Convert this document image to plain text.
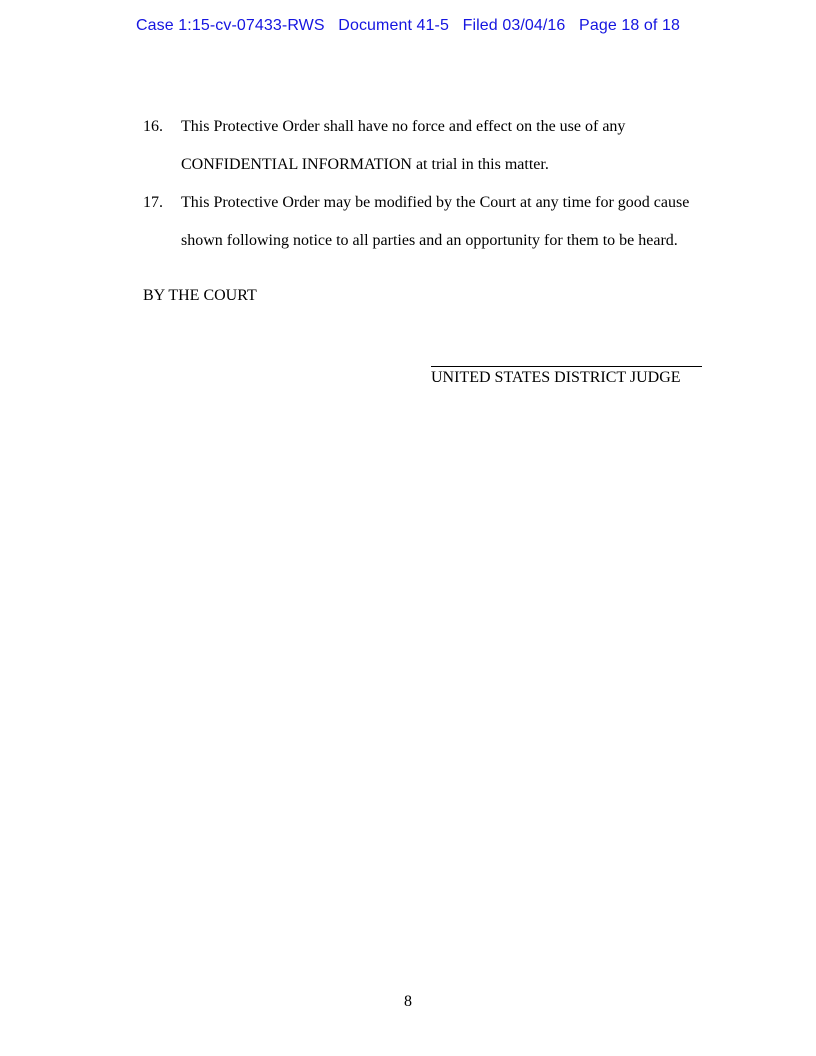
Case 1:15-cv-07433-RWS   Document 41-5   Filed 03/04/16   Page 18 of 18
16. This Protective Order shall have no force and effect on the use of any
CONFIDENTIAL INFORMATION at trial in this matter.
17. This Protective Order may be modified by the Court at any time for good cause
shown following notice to all parties and an opportunity for them to be heard.
BY THE COURT
UNITED STATES DISTRICT JUDGE
8
